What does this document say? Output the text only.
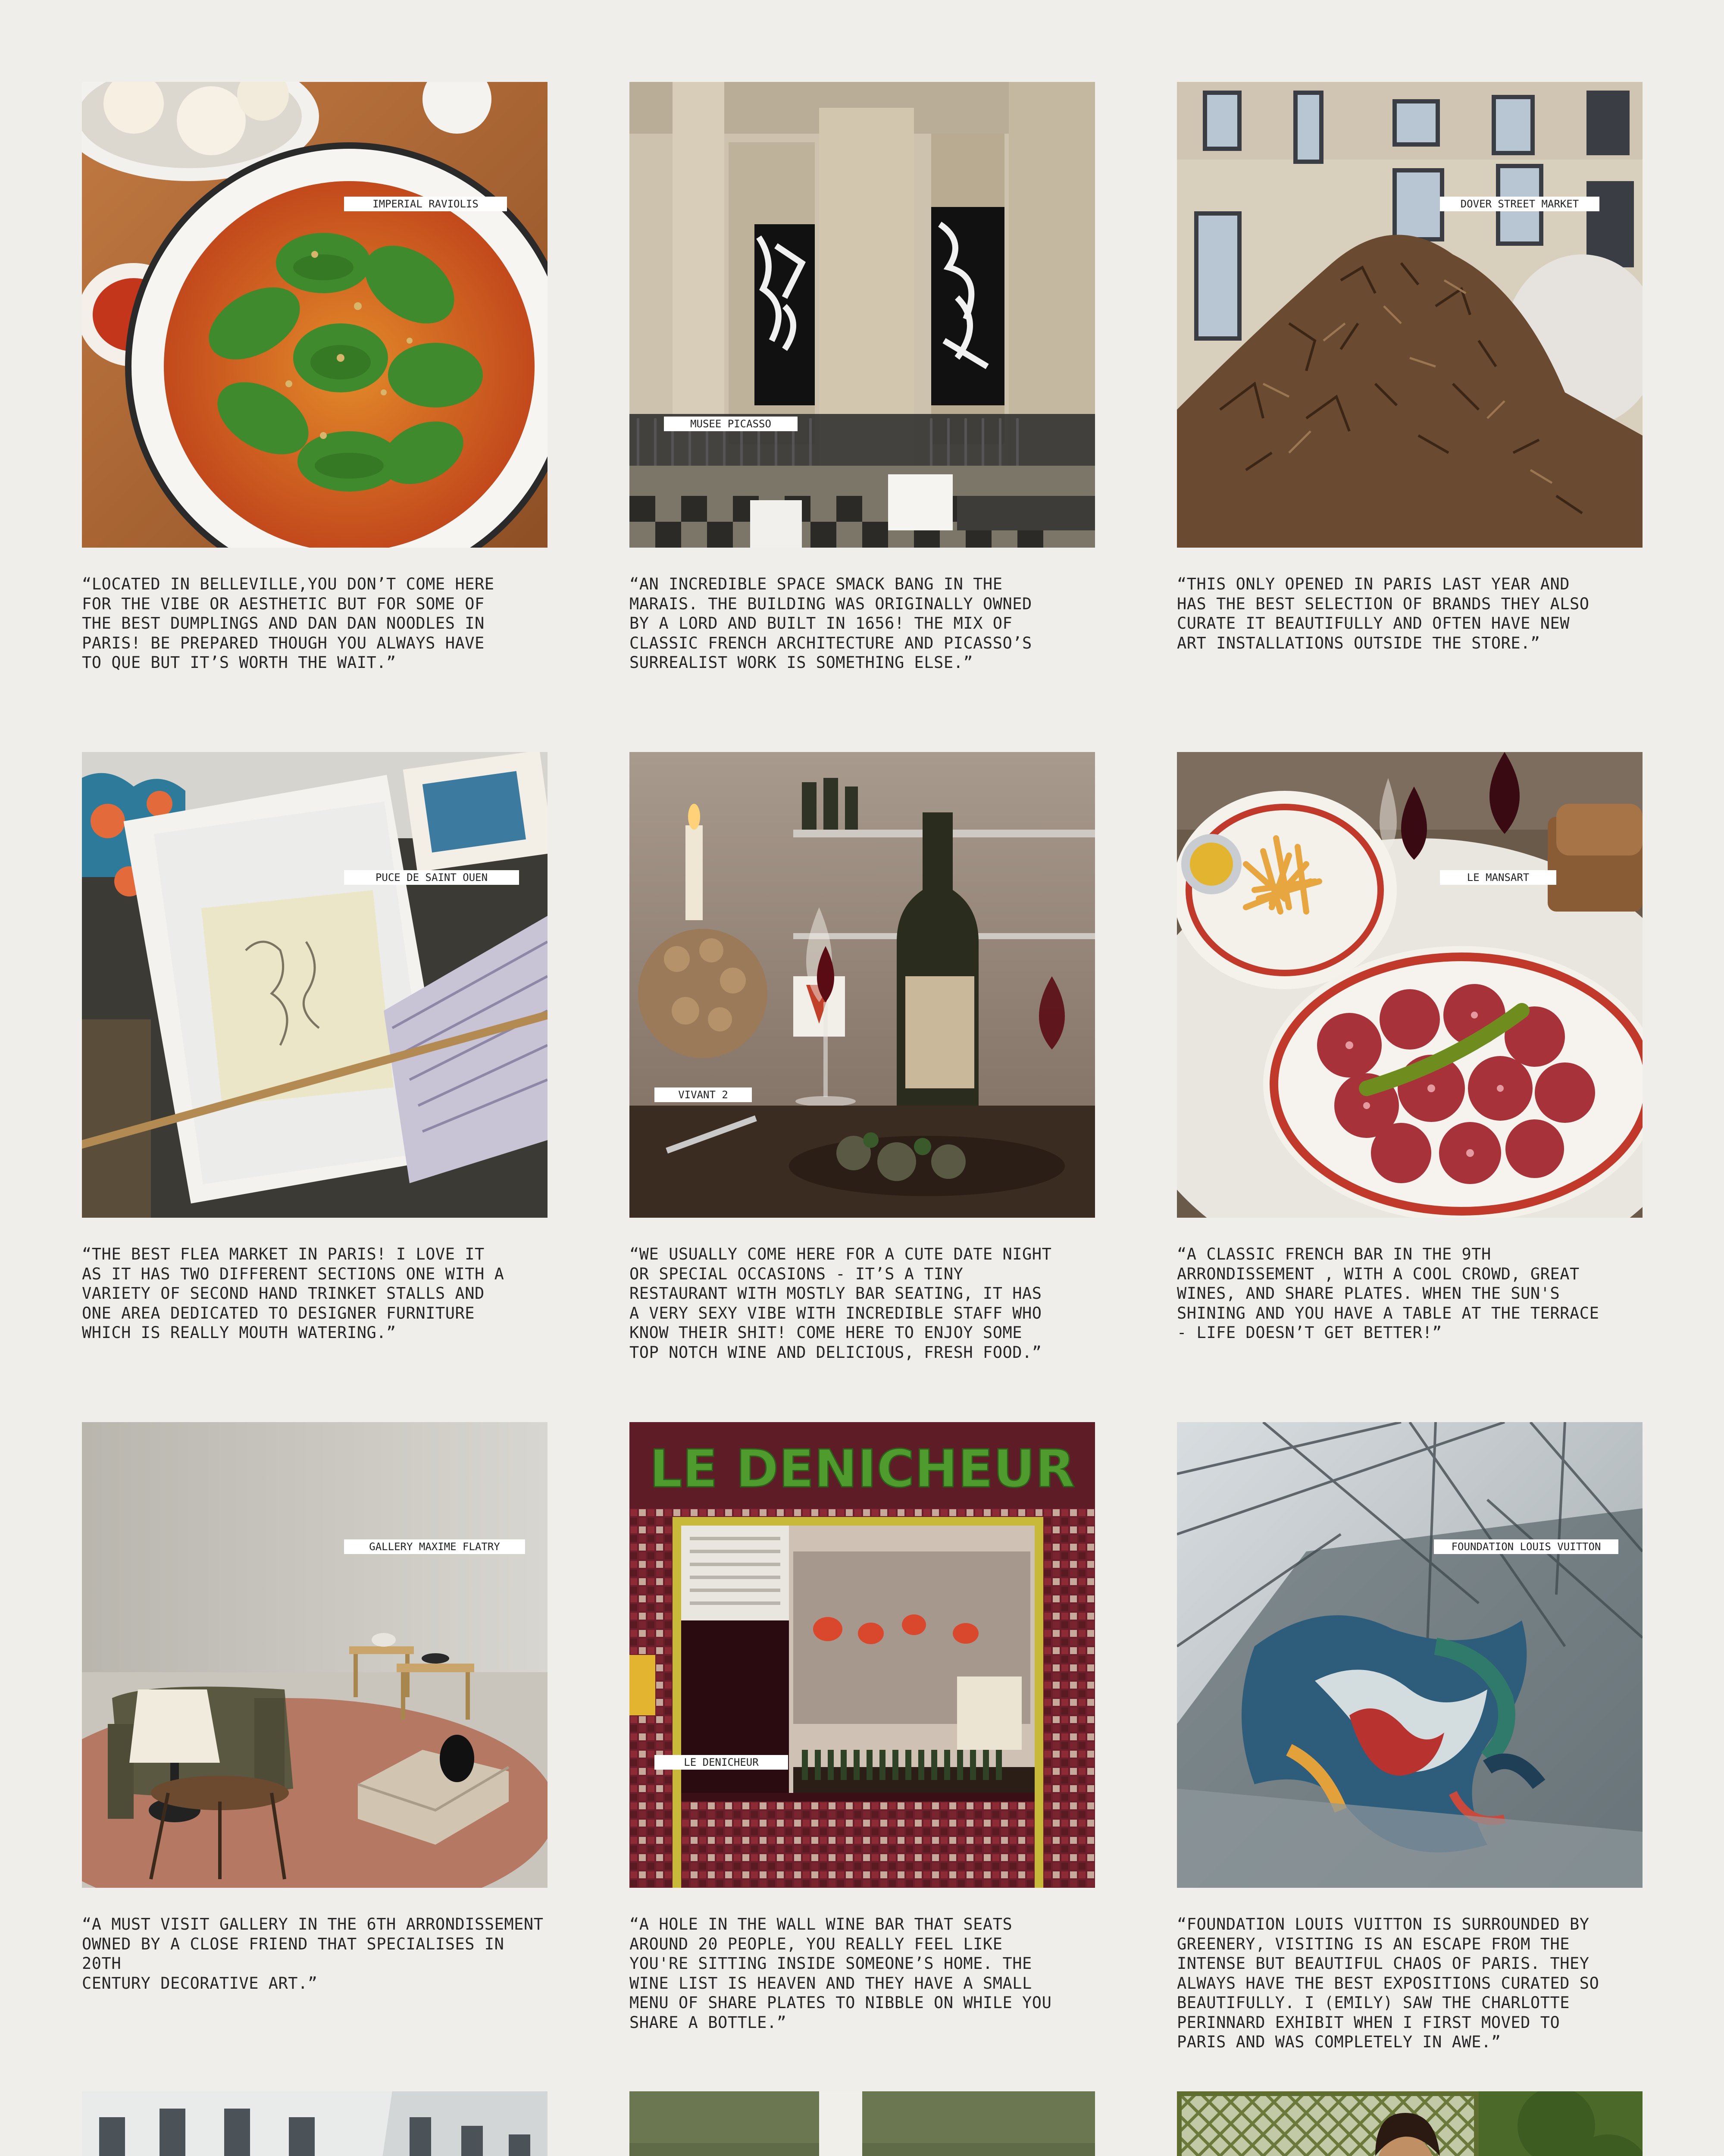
IMPERIAL RAVIOLIS
“LOCATED IN BELLEVILLE,YOU DON’T COME HERE
FOR THE VIBE OR AESTHETIC BUT FOR SOME OF
THE BEST DUMPLINGS AND DAN DAN NOODLES IN
PARIS! BE PREPARED THOUGH YOU ALWAYS HAVE
TO QUE BUT IT’S WORTH THE WAIT.”
MUSEE PICASSO
“AN INCREDIBLE SPACE SMACK BANG IN THE
MARAIS. THE BUILDING WAS ORIGINALLY OWNED
BY A LORD AND BUILT IN 1656! THE MIX OF
CLASSIC FRENCH ARCHITECTURE AND PICASSO’S
SURREALIST WORK IS SOMETHING ELSE.”
DOVER STREET MARKET
“THIS ONLY OPENED IN PARIS LAST YEAR AND
HAS THE BEST SELECTION OF BRANDS THEY ALSO
CURATE IT BEAUTIFULLY AND OFTEN HAVE NEW
ART INSTALLATIONS OUTSIDE THE STORE.”
PUCE DE SAINT OUEN
“THE BEST FLEA MARKET IN PARIS! I LOVE IT
AS IT HAS TWO DIFFERENT SECTIONS ONE WITH A
VARIETY OF SECOND HAND TRINKET STALLS AND
ONE AREA DEDICATED TO DESIGNER FURNITURE
WHICH IS REALLY MOUTH WATERING.”
VIVANT 2
“WE USUALLY COME HERE FOR A CUTE DATE NIGHT
OR SPECIAL OCCASIONS - IT’S A TINY
RESTAURANT WITH MOSTLY BAR SEATING, IT HAS
A VERY SEXY VIBE WITH INCREDIBLE STAFF WHO
KNOW THEIR SHIT! COME HERE TO ENJOY SOME
TOP NOTCH WINE AND DELICIOUS, FRESH FOOD.”
LE MANSART
“A CLASSIC FRENCH BAR IN THE 9TH
ARRONDISSEMENT , WITH A COOL CROWD, GREAT
WINES, AND SHARE PLATES. WHEN THE SUN'S
SHINING AND YOU HAVE A TABLE AT THE TERRACE
- LIFE DOESN’T GET BETTER!”
GALLERY MAXIME FLATRY
“A MUST VISIT GALLERY IN THE 6TH ARRONDISSEMENT
OWNED BY A CLOSE FRIEND THAT SPECIALISES IN 20TH
CENTURY DECORATIVE ART.”
LE DENICHEUR
LE DENICHEUR
“A HOLE IN THE WALL WINE BAR THAT SEATS
AROUND 20 PEOPLE, YOU REALLY FEEL LIKE
YOU'RE SITTING INSIDE SOMEONE’S HOME. THE
WINE LIST IS HEAVEN AND THEY HAVE A SMALL
MENU OF SHARE PLATES TO NIBBLE ON WHILE YOU
SHARE A BOTTLE.”
FOUNDATION LOUIS VUITTON
“FOUNDATION LOUIS VUITTON IS SURROUNDED BY
GREENERY, VISITING IS AN ESCAPE FROM THE
INTENSE BUT BEAUTIFUL CHAOS OF PARIS. THEY
ALWAYS HAVE THE BEST EXPOSITIONS CURATED SO
BEAUTIFULLY. I (EMILY) SAW THE CHARLOTTE
PERINNARD EXHIBIT WHEN I FIRST MOVED TO
PARIS AND WAS COMPLETELY IN AWE.”
